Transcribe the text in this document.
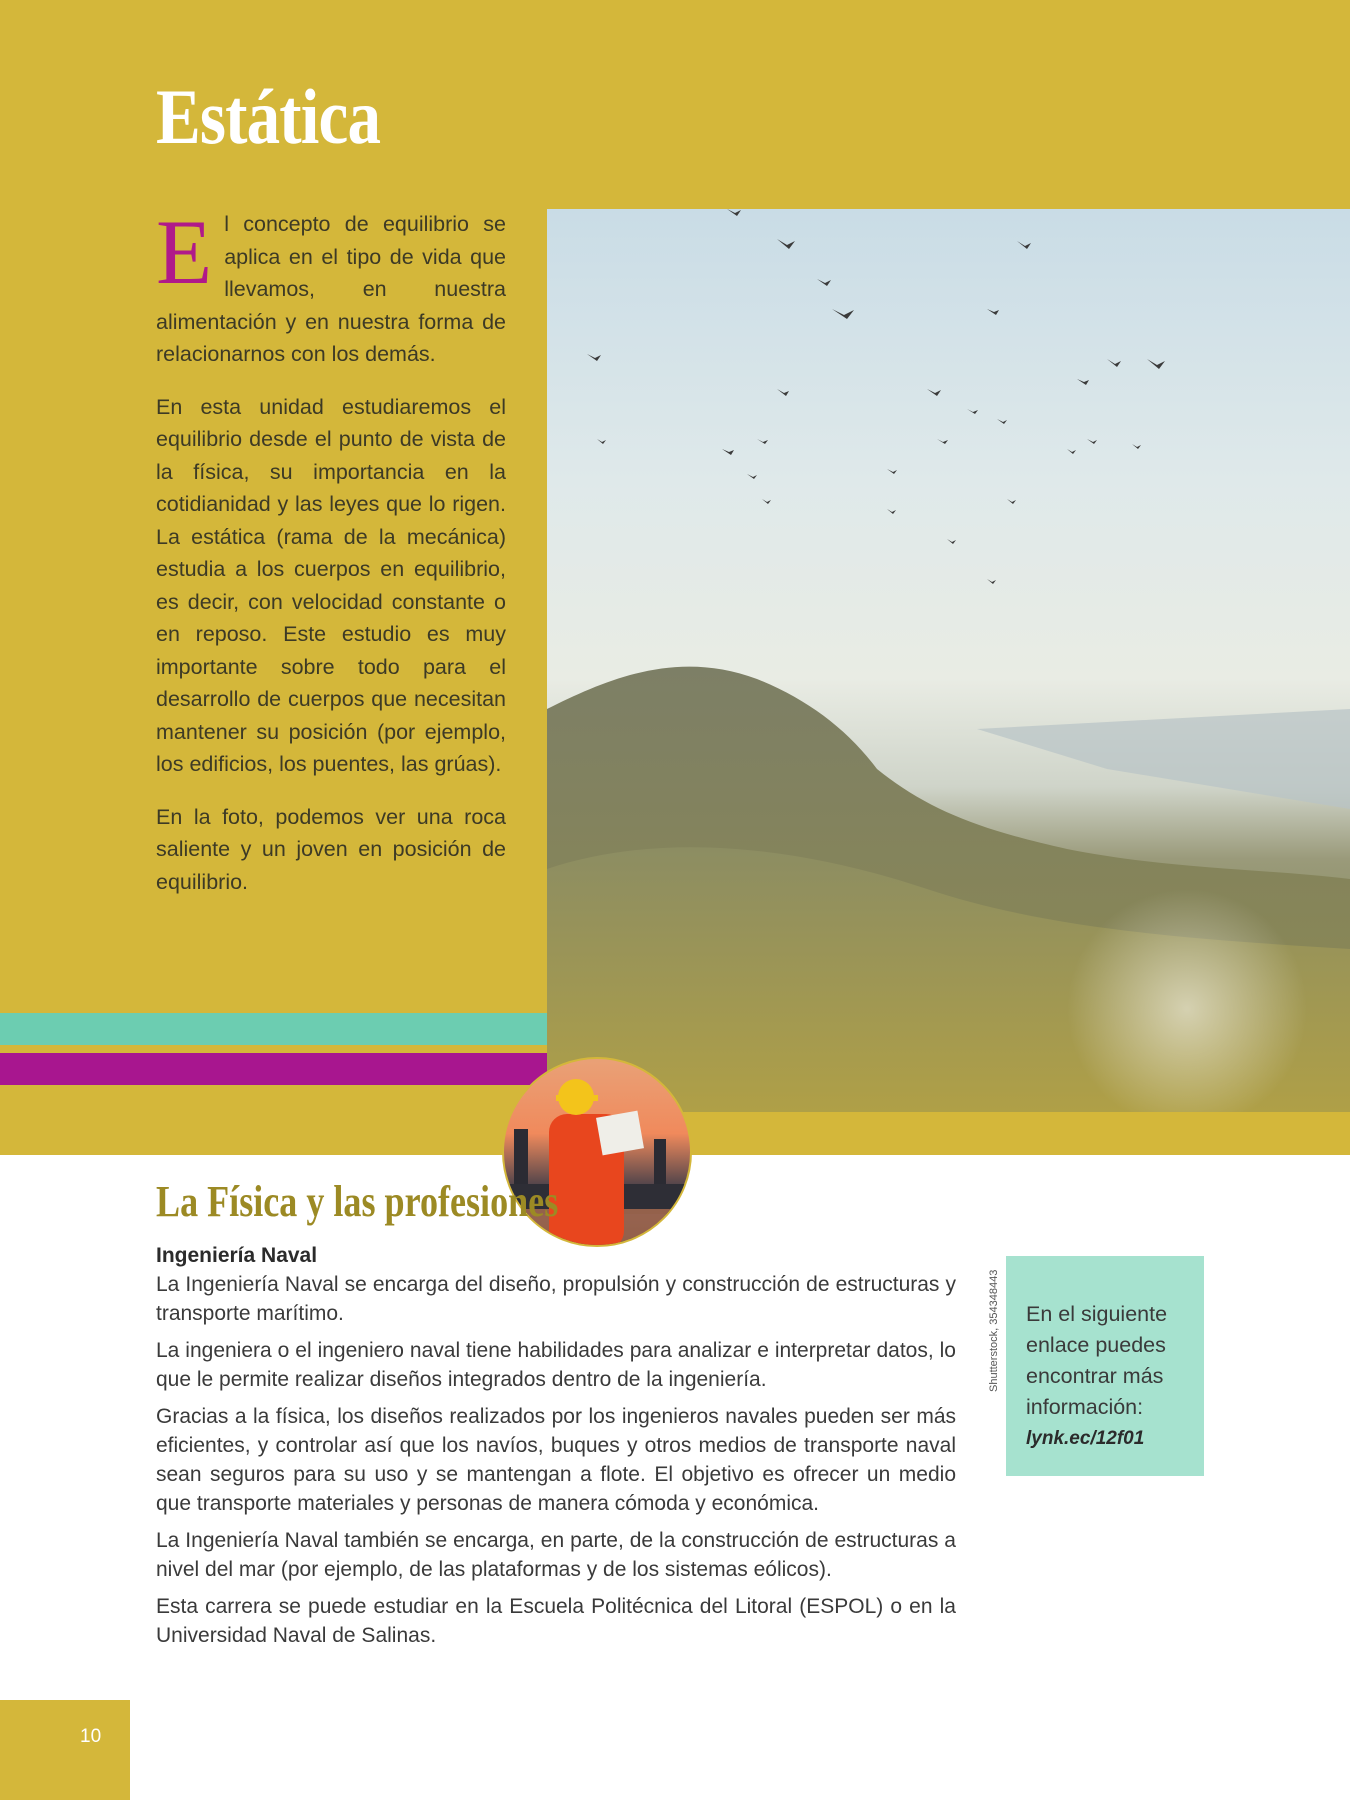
Estática

El concepto de equilibrio se aplica en el tipo de vida que llevamos, en nuestra alimentación y en nuestra forma de relacionarnos con los demás.

En esta unidad estudiaremos el equilibrio desde el punto de vista de la física, su importancia en la cotidianidad y las leyes que lo rigen. La estática (rama de la mecánica) estudia a los cuerpos en equilibrio, es decir, con velocidad constante o en reposo. Este estudio es muy importante sobre todo para el desarrollo de cuerpos que necesitan mantener su posición (por ejemplo, los edificios, los puentes, las grúas).

En la foto, podemos ver una roca saliente y un joven en posición de equilibrio.

La Física y las profesiones
Ingeniería Naval

La Ingeniería Naval se encarga del diseño, propulsión y construcción de estructuras y transporte marítimo.

La ingeniera o el ingeniero naval tiene habilidades para analizar e interpretar datos, lo que le permite realizar diseños integrados dentro de la ingeniería.

Gracias a la física, los diseños realizados por los ingenieros navales pueden ser más eficientes, y controlar así que los navíos, buques y otros medios de transporte naval sean seguros para su uso y se mantengan a flote. El objetivo es ofrecer un medio que transporte materiales y personas de manera cómoda y económica.

La Ingeniería Naval también se encarga, en parte, de la construcción de estructuras a nivel del mar (por ejemplo, de las plataformas y de los sistemas eólicos).

Esta carrera se puede estudiar en la Escuela Politécnica del Litoral (ESPOL) o en la Universidad Naval de Salinas.

Shutterstock, 354348443 En el siguiente enlace puedes encontrar más información:
lynk.ec/12f01
10
